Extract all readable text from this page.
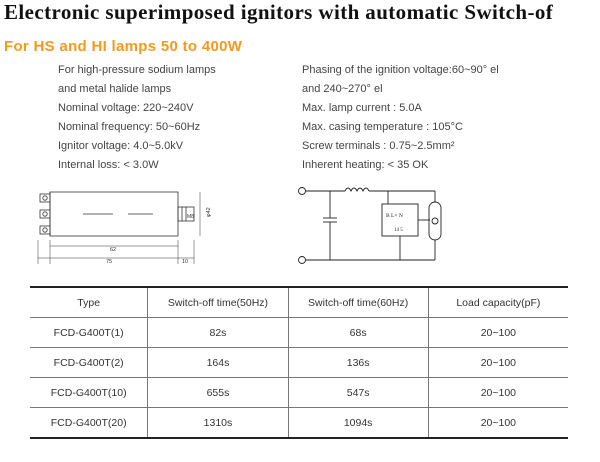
Electronic superimposed ignitors with automatic Switch-of
For HS and HI lamps 50 to 400W
For high-pressure sodium lamps
and metal halide lamps
Nominal voltage: 220~240V
Nominal frequency: 50~60Hz
Ignitor voltage: 4.0~5.0kV
Internal loss: < 3.0W
Phasing of the ignition voltage:60~90° el
and 240~270° el
Max. lamp current : 5.0A
Max. casing temperature : 105°C
Screw terminals : 0.75~2.5mm²
Inherent heating: < 35 OK
M8 φ42
62
75	10
B L× N
14 5
Type	Switch-off time(50Hz)	Switch-off time(60Hz)	Load capacity(pF)
FCD-G400T(1)	82s	68s	20~100
FCD-G400T(2)	164s	136s	20~100
FCD-G400T(10)	655s	547s	20~100
FCD-G400T(20)	1310s	1094s	20~100
